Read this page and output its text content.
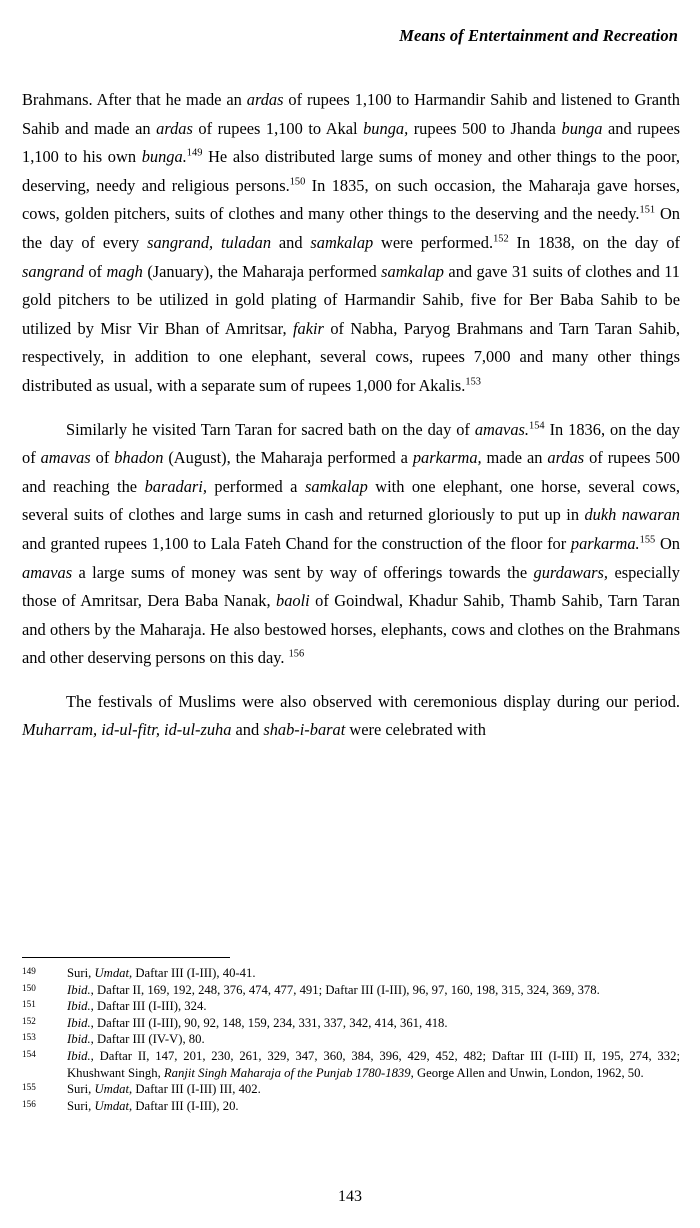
Means of Entertainment and Recreation

Brahmans. After that he made an ardas of rupees 1,100 to Harmandir Sahib and listened to Granth Sahib and made an ardas of rupees 1,100 to Akal bunga, rupees 500 to Jhanda bunga and rupees 1,100 to his own bunga.$^{149}$ He also distributed large sums of money and other things to the poor, deserving, needy and religious persons.$^{150}$ In 1835, on such occasion, the Maharaja gave horses, cows, golden pitchers, suits of clothes and many other things to the deserving and the needy.$^{151}$ On the day of every sangrand, tuladan and samkalap were performed.$^{152}$ In 1838, on the day of sangrand of magh (January), the Maharaja performed samkalap and gave 31 suits of clothes and 11 gold pitchers to be utilized in gold plating of Harmandir Sahib, five for Ber Baba Sahib to be utilized by Misr Vir Bhan of Amritsar, fakir of Nabha, Paryog Brahmans and Tarn Taran Sahib, respectively, in addition to one elephant, several cows, rupees 7,000 and many other things distributed as usual, with a separate sum of rupees 1,000 for Akalis.$^{153}$

Similarly he visited Tarn Taran for sacred bath on the day of amavas.$^{154}$ In 1836, on the day of amavas of bhadon (August), the Maharaja performed a parkarma, made an ardas of rupees 500 and reaching the baradari, performed a samkalap with one elephant, one horse, several cows, several suits of clothes and large sums in cash and returned gloriously to put up in dukh nawaran and granted rupees 1,100 to Lala Fateh Chand for the construction of the floor for parkarma.$^{155}$ On amavas a large sums of money was sent by way of offerings towards the gurdawars, especially those of Amritsar, Dera Baba Nanak, baoli of Goindwal, Khadur Sahib, Thamb Sahib, Tarn Taran and others by the Maharaja. He also bestowed horses, elephants, cows and clothes on the Brahmans and other deserving persons on this day. $^{156}$

The festivals of Muslims were also observed with ceremonious display during our period. Muharram, id-ul-fitr, id-ul-zuha and shab-i-barat were celebrated with

149	Suri, Umdat, Daftar III (I-III), 40-41.
150	Ibid., Daftar II, 169, 192, 248, 376, 474, 477, 491; Daftar III (I-III), 96, 97, 160, 198, 315, 324, 369, 378.
151	Ibid., Daftar III (I-III), 324.
152	Ibid., Daftar III (I-III), 90, 92, 148, 159, 234, 331, 337, 342, 414, 361, 418.
153	Ibid., Daftar III (IV-V), 80.
154	Ibid., Daftar II, 147, 201, 230, 261, 329, 347, 360, 384, 396, 429, 452, 482; Daftar III (I-III) II, 195, 274, 332; Khushwant Singh, Ranjit Singh Maharaja of the Punjab 1780-1839, George Allen and Unwin, London, 1962, 50.
155	Suri, Umdat, Daftar III (I-III) III, 402.
156	Suri, Umdat, Daftar III (I-III), 20.
143
